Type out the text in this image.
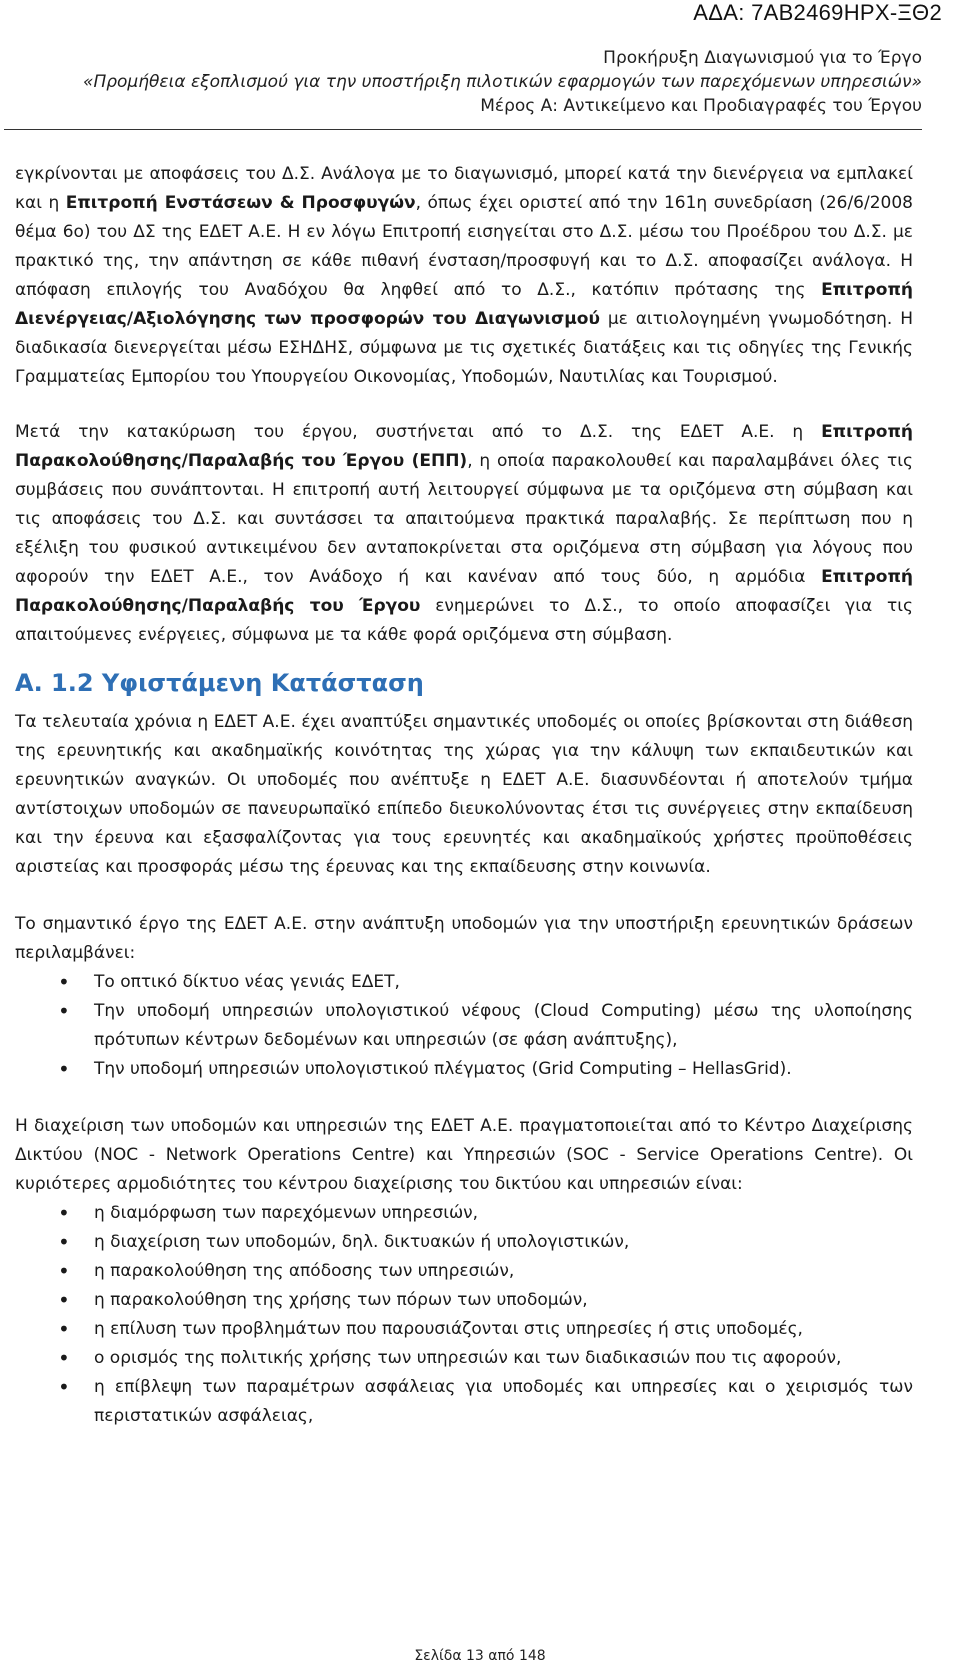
ΑΔΑ: 7ΑΒ2469ΗΡΧ-ΞΘ2
Προκήρυξη Διαγωνισμού για το Έργο
«Προμήθεια εξοπλισμού για την υποστήριξη πιλοτικών εφαρμογών των παρεχόμενων υπηρεσιών»
Μέρος Α: Αντικείμενο και Προδιαγραφές του Έργου

εγκρίνονται με αποφάσεις του Δ.Σ. Ανάλογα με το διαγωνισμό, μπορεί κατά την διενέργεια να εμπλακεί και η Επιτροπή Ενστάσεων & Προσφυγών, όπως έχει οριστεί από την 161η συνεδρίαση (26/6/2008 θέμα 6ο) του ΔΣ της ΕΔΕΤ Α.Ε. Η εν λόγω Επιτροπή εισηγείται στο Δ.Σ. μέσω του Προέδρου του Δ.Σ. με πρακτικό της, την απάντηση σε κάθε πιθανή ένσταση/προσφυγή και το Δ.Σ. αποφασίζει ανάλογα. Η απόφαση επιλογής του Αναδόχου θα ληφθεί από το Δ.Σ., κατόπιν πρότασης της Επιτροπή Διενέργειας/Αξιολόγησης των προσφορών του Διαγωνισμού με αιτιολογημένη γνωμοδότηση. Η διαδικασία διενεργείται μέσω ΕΣΗΔΗΣ, σύμφωνα με τις σχετικές διατάξεις και τις οδηγίες της Γενικής Γραμματείας Εμπορίου του Υπουργείου Οικονομίας, Υποδομών, Ναυτιλίας και Τουρισμού.

Μετά την κατακύρωση του έργου, συστήνεται από το Δ.Σ. της ΕΔΕΤ Α.Ε. η Επιτροπή Παρακολούθησης/Παραλαβής του Έργου (ΕΠΠ), η οποία παρακολουθεί και παραλαμβάνει όλες τις συμβάσεις που συνάπτονται. Η επιτροπή αυτή λειτουργεί σύμφωνα με τα οριζόμενα στη σύμβαση και τις αποφάσεις του Δ.Σ. και συντάσσει τα απαιτούμενα πρακτικά παραλαβής. Σε περίπτωση που η εξέλιξη του φυσικού αντικειμένου δεν ανταποκρίνεται στα οριζόμενα στη σύμβαση για λόγους που αφορούν την ΕΔΕΤ Α.Ε., τον Ανάδοχο ή και κανέναν από τους δύο, η αρμόδια Επιτροπή Παρακολούθησης/Παραλαβής του Έργου ενημερώνει το Δ.Σ., το οποίο αποφασίζει για τις απαιτούμενες ενέργειες, σύμφωνα με τα κάθε φορά οριζόμενα στη σύμβαση.

Α. 1.2 Υφιστάμενη Κατάσταση

Τα τελευταία χρόνια η ΕΔΕΤ Α.Ε. έχει αναπτύξει σημαντικές υποδομές οι οποίες βρίσκονται στη διάθεση της ερευνητικής και ακαδημαϊκής κοινότητας της χώρας για την κάλυψη των εκπαιδευτικών και ερευνητικών αναγκών. Οι υποδομές που ανέπτυξε η ΕΔΕΤ Α.Ε. διασυνδέονται ή αποτελούν τμήμα αντίστοιχων υποδομών σε πανευρωπαϊκό επίπεδο διευκολύνοντας έτσι τις συνέργειες στην εκπαίδευση και την έρευνα και εξασφαλίζοντας για τους ερευνητές και ακαδημαϊκούς χρήστες προϋποθέσεις αριστείας και προσφοράς μέσω της έρευνας και της εκπαίδευσης στην κοινωνία.

Το σημαντικό έργο της ΕΔΕΤ Α.Ε. στην ανάπτυξη υποδομών για την υποστήριξη ερευνητικών δράσεων περιλαμβάνει:

• Το οπτικό δίκτυο νέας γενιάς ΕΔΕΤ,
• Την υποδομή υπηρεσιών υπολογιστικού νέφους (Cloud Computing) μέσω της υλοποίησης πρότυπων κέντρων δεδομένων και υπηρεσιών (σε φάση ανάπτυξης),
• Την υποδομή υπηρεσιών υπολογιστικού πλέγματος (Grid Computing – HellasGrid).

Η διαχείριση των υποδομών και υπηρεσιών της ΕΔΕΤ Α.Ε. πραγματοποιείται από το Κέντρο Διαχείρισης Δικτύου (NOC - Network Operations Centre) και Υπηρεσιών (SOC - Service Operations Centre). Οι κυριότερες αρμοδιότητες του κέντρου διαχείρισης του δικτύου και υπηρεσιών είναι:

• η διαμόρφωση των παρεχόμενων υπηρεσιών,
• η διαχείριση των υποδομών, δηλ. δικτυακών ή υπολογιστικών,
• η παρακολούθηση της απόδοσης των υπηρεσιών,
• η παρακολούθηση της χρήσης των πόρων των υποδομών,
• η επίλυση των προβλημάτων που παρουσιάζονται στις υπηρεσίες ή στις υποδομές,
• ο ορισμός της πολιτικής χρήσης των υπηρεσιών και των διαδικασιών που τις αφορούν,
• η επίβλεψη των παραμέτρων ασφάλειας για υποδομές και υπηρεσίες και ο χειρισμός των περιστατικών ασφάλειας,
Σελίδα 13 από 148
